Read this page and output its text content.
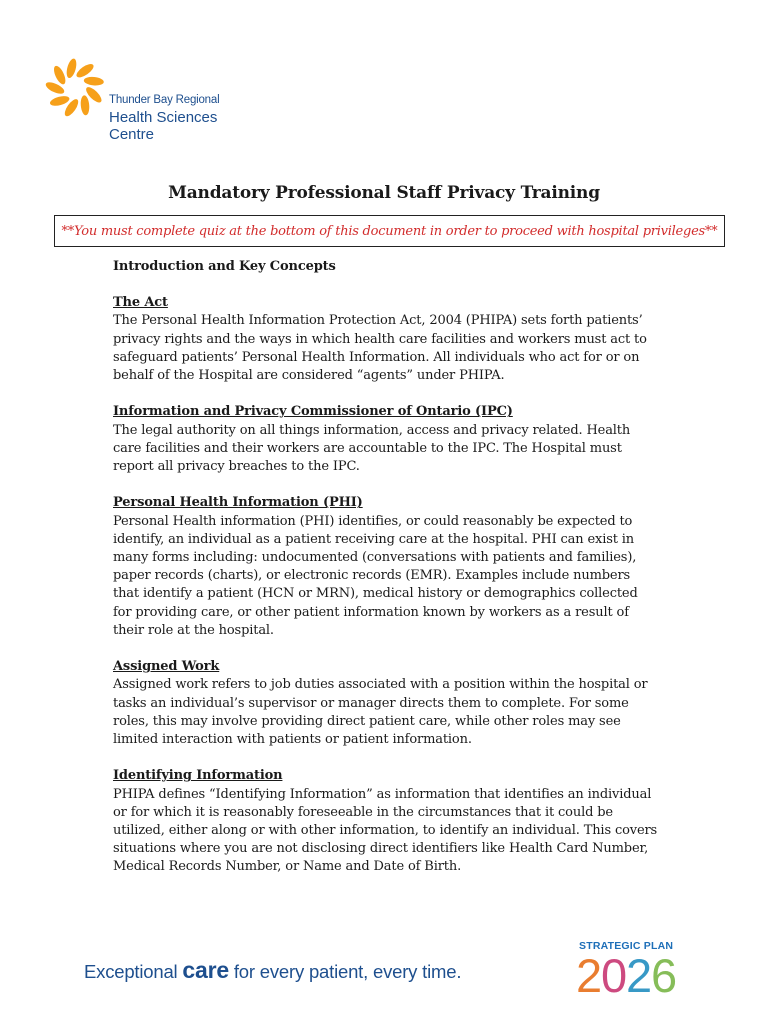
Thunder Bay Regional
Health Sciences
Centre
Mandatory Professional Staff Privacy Training
**You must complete quiz at the bottom of this document in order to proceed with hospital privileges**

Introduction and Key Concepts

The Act

The Personal Health Information Protection Act, 2004 (PHIPA) sets forth patients’ privacy rights and the ways in which health care facilities and workers must act to safeguard patients’ Personal Health Information. All individuals who act for or on behalf of the Hospital are considered “agents” under PHIPA.

Information and Privacy Commissioner of Ontario (IPC)

The legal authority on all things information, access and privacy related. Health care facilities and their workers are accountable to the IPC. The Hospital must report all privacy breaches to the IPC.

Personal Health Information (PHI)

Personal Health information (PHI) identifies, or could reasonably be expected to identify, an individual as a patient receiving care at the hospital. PHI can exist in many forms including: undocumented (conversations with patients and families), paper records (charts), or electronic records (EMR). Examples include numbers that identify a patient (HCN or MRN), medical history or demographics collected for providing care, or other patient information known by workers as a result of their role at the hospital.

Assigned Work

Assigned work refers to job duties associated with a position within the hospital or tasks an individual’s supervisor or manager directs them to complete. For some roles, this may involve providing direct patient care, while other roles may see limited interaction with patients or patient information.

Identifying Information

PHIPA defines “Identifying Information” as information that identifies an individual or for which it is reasonably foreseeable in the circumstances that it could be utilized, either along or with other information, to identify an individual. This covers situations where you are not disclosing direct identifiers like Health Card Number, Medical Records Number, or Name and Date of Birth.

Exceptional care for every patient, every time.
STRATEGIC PLAN
2
0
2
6
